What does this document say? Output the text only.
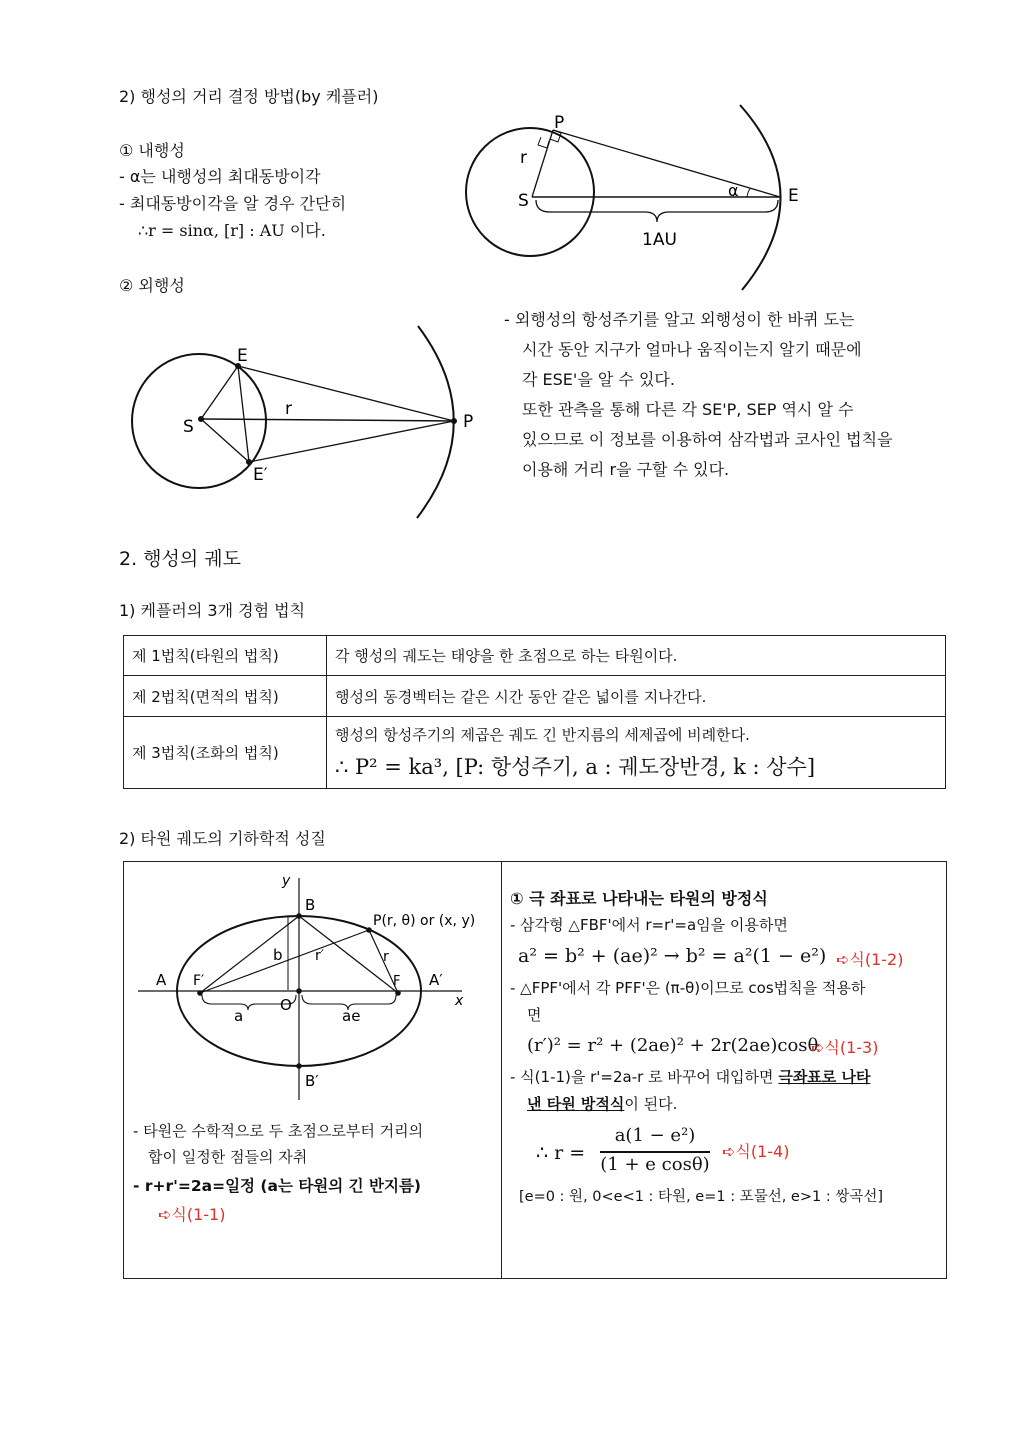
2) 행성의 거리 결정 방법(by 케플러)
① 내행성
- α는 내행성의 최대동방이각
- 최대동방이각을 알 경우 간단히
∴r = sinα, [r] : AU 이다.
② 외행성
P
r
S
α	E
1AU
E
S
r
P
E′
- 외행성의 항성주기를 알고 외행성이 한 바퀴 도는
시간 동안 지구가 얼마나 움직이는지 알기 때문에
각 ESE'을 알 수 있다.
또한 관측을 통해 다른 각 SE'P, SEP 역시 알 수
있으므로 이 정보를 이용하여 삼각법과 코사인 법칙을
이용해 거리 r을 구할 수 있다.
2. 행성의 궤도
1) 케플러의 3개 경험 법칙
제 1법칙(타원의 법칙)	각 행성의 궤도는 태양을 한 초점으로 하는 타원이다.
제 2법칙(면적의 법칙)	행성의 동경벡터는 같은 시간 동안 같은 넓이를 지나간다.
제 3법칙(조화의 법칙)	행성의 항성주기의 제곱은 궤도 긴 반지름의 세제곱에 비례한다.
∴ P² = ka³, [P: 항성주기, a : 궤도장반경, k : 상수]
2) 타원 궤도의 기하학적 성질
y
B
P(r, θ) or (x, y)
b r′	r
A F′	F A′
x
a
O
ae
B′
- 타원은 수학적으로 두 초점으로부터 거리의
합이 일정한 점들의 자취
- r+r'=2a=일정 (a는 타원의 긴 반지름)
➪식(1-1)
① 극 좌표로 나타내는 타원의 방정식
- 삼각형 △FBF'에서 r=r'=a임을 이용하면
a² = b² + (ae)² → b² = a²(1 − e²) ➪식(1-2)
- △FPF'에서 각 PFF'은 (π-θ)이므로 cos법칙을 적용하
면
(r′)² = r² + (2ae)² + 2r(2ae)cosθ
➪식(1-3)
- 식(1-1)을 r'=2a-r 로 바꾸어 대입하면 극좌표로 나타
낸 타원 방적식이 된다.
∴ r =
a(1 − e²)
(1 + e cosθ)
➪식(1-4)
[e=0 : 원, 0<e<1 : 타원, e=1 : 포물선, e>1 : 쌍곡선]
